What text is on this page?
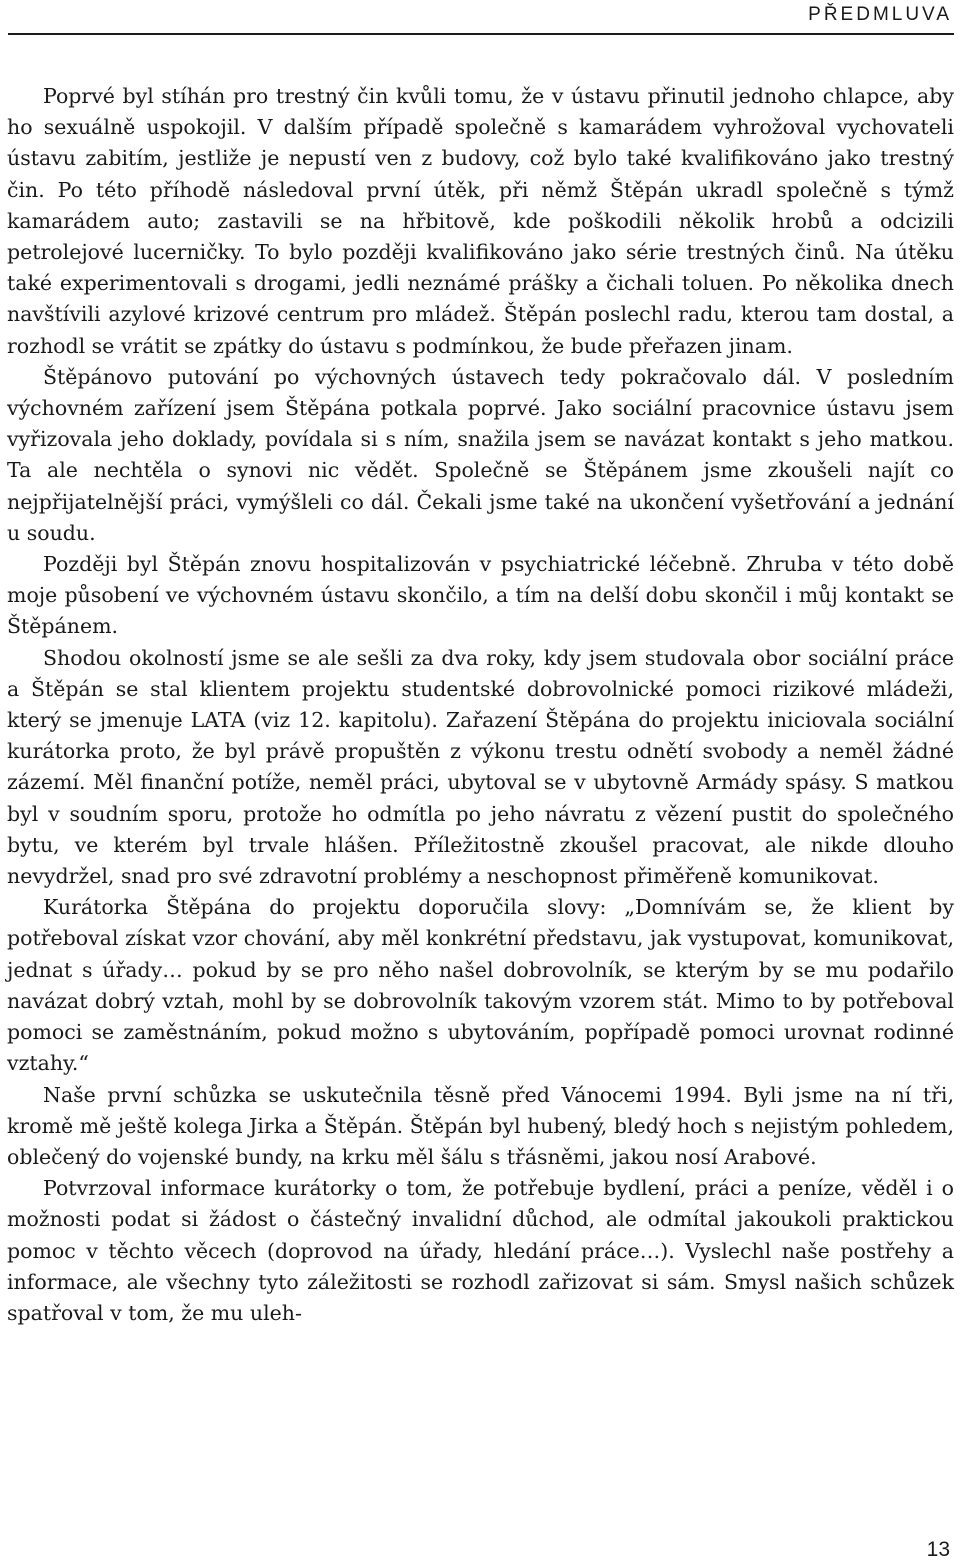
PŘEDMLUVA

Poprvé byl stíhán pro trestný čin kvůli tomu, že v ústavu přinutil jednoho chlapce, aby ho sexuálně uspokojil. V dalším případě společně s kamarádem vyhrožoval vychovateli ústavu zabitím, jestliže je nepustí ven z budovy, což bylo také kvalifikováno jako trestný čin. Po této příhodě následoval první útěk, při němž Štěpán ukradl společně s týmž kamarádem auto; zastavili se na hřbitově, kde poškodili několik hrobů a odcizili petrolejové lucerničky. To bylo později kvalifikováno jako série trestných činů. Na útěku také experimentovali s drogami, jedli neznámé prášky a čichali toluen. Po několika dnech navštívili azylové krizové centrum pro mládež. Štěpán poslechl radu, kterou tam dostal, a rozhodl se vrátit se zpátky do ústavu s podmínkou, že bude přeřazen jinam.

Štěpánovo putování po výchovných ústavech tedy pokračovalo dál. V posledním výchovném zařízení jsem Štěpána potkala poprvé. Jako sociální pracovnice ústavu jsem vyřizovala jeho doklady, povídala si s ním, snažila jsem se navázat kontakt s jeho matkou. Ta ale nechtěla o synovi nic vědět. Společně se Štěpánem jsme zkoušeli najít co nejpřijatelnější práci, vymýšleli co dál. Čekali jsme také na ukončení vyšetřování a jednání u soudu.

Později byl Štěpán znovu hospitalizován v psychiatrické léčebně. Zhruba v této době moje působení ve výchovném ústavu skončilo, a tím na delší dobu skončil i můj kontakt se Štěpánem.

Shodou okolností jsme se ale sešli za dva roky, kdy jsem studovala obor sociální práce a Štěpán se stal klientem projektu studentské dobrovolnické pomoci rizikové mládeži, který se jmenuje LATA (viz 12. kapitolu). Zařazení Štěpána do projektu iniciovala sociální kurátorka proto, že byl právě propuštěn z výkonu trestu odnětí svobody a neměl žádné zázemí. Měl finanční potíže, neměl práci, ubytoval se v ubytovně Armády spásy. S matkou byl v soudním sporu, protože ho odmítla po jeho návratu z vězení pustit do společného bytu, ve kterém byl trvale hlášen. Příležitostně zkoušel pracovat, ale nikde dlouho nevydržel, snad pro své zdravotní problémy a neschopnost přiměřeně komunikovat.

Kurátorka Štěpána do projektu doporučila slovy: „Domnívám se, že klient by potřeboval získat vzor chování, aby měl konkrétní představu, jak vystupovat, komunikovat, jednat s úřady… pokud by se pro něho našel dobrovolník, se kterým by se mu podařilo navázat dobrý vztah, mohl by se dobrovolník takovým vzorem stát. Mimo to by potřeboval pomoci se zaměstnáním, pokud možno s ubytováním, popřípadě pomoci urovnat rodinné vztahy.“

Naše první schůzka se uskutečnila těsně před Vánocemi 1994. Byli jsme na ní tři, kromě mě ještě kolega Jirka a Štěpán. Štěpán byl hubený, bledý hoch s nejistým pohledem, oblečený do vojenské bundy, na krku měl šálu s třásněmi, jakou nosí Arabové.

Potvrzoval informace kurátorky o tom, že potřebuje bydlení, práci a peníze, věděl i o možnosti podat si žádost o částečný invalidní důchod, ale odmítal jakoukoli praktickou pomoc v těchto věcech (doprovod na úřady, hledání práce…). Vyslechl naše postřehy a informace, ale všechny tyto záležitosti se rozhodl zařizovat si sám. Smysl našich schůzek spatřoval v tom, že mu uleh-

13
